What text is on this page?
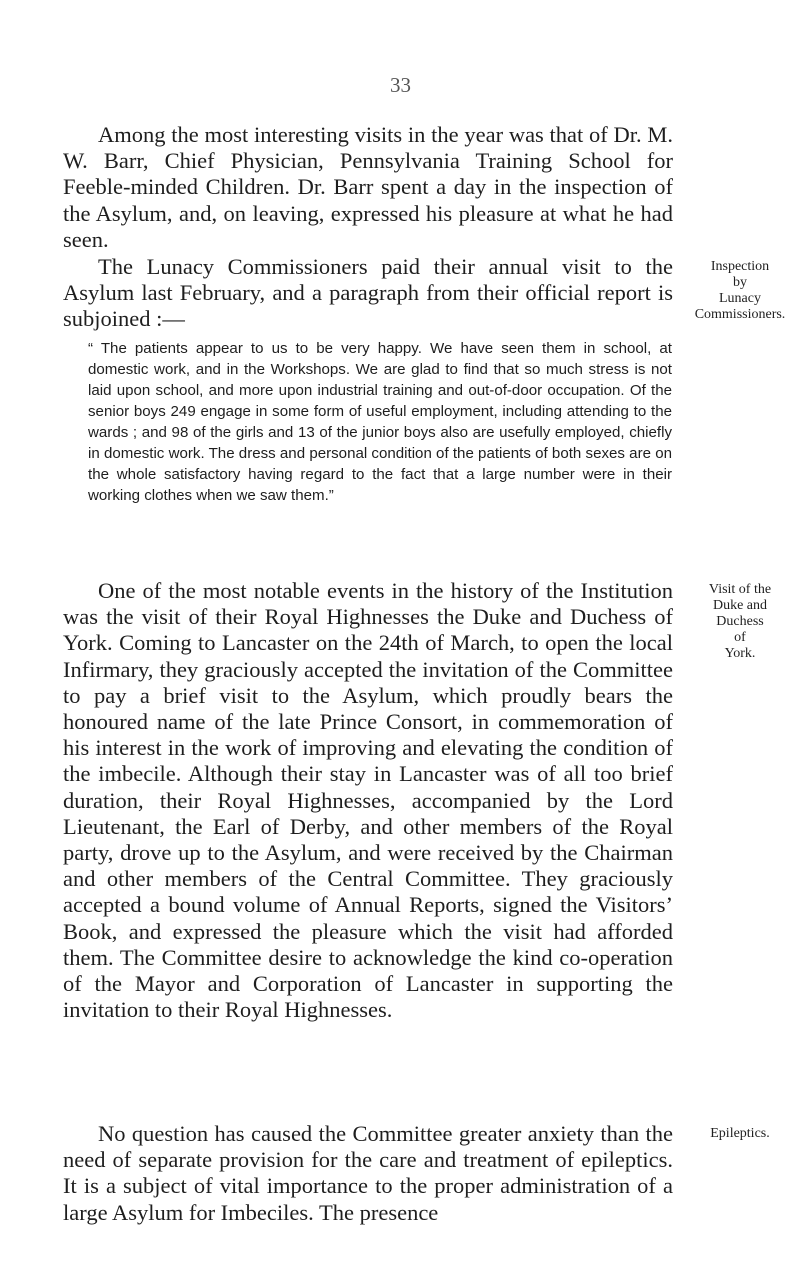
33

Among the most interesting visits in the year was that of Dr. M. W. Barr, Chief Physician, Pennsylvania Training School for Feeble-minded Children. Dr. Barr spent a day in the inspection of the Asylum, and, on leaving, expressed his pleasure at what he had seen.

The Lunacy Commissioners paid their annual visit to the Asylum last February, and a paragraph from their official report is subjoined :—

“ The patients appear to us to be very happy. We have seen them in school, at domestic work, and in the Workshops. We are glad to find that so much stress is not laid upon school, and more upon industrial training and out-of-door occupation. Of the senior boys 249 engage in some form of useful employment, including attending to the wards ; and 98 of the girls and 13 of the junior boys also are usefully employed, chiefly in domestic work. The dress and personal condition of the patients of both sexes are on the whole satisfactory having regard to the fact that a large number were in their working clothes when we saw them.”

One of the most notable events in the history of the Institution was the visit of their Royal Highnesses the Duke and Duchess of York. Coming to Lancaster on the 24th of March, to open the local Infirmary, they graciously accepted the invitation of the Committee to pay a brief visit to the Asylum, which proudly bears the honoured name of the late Prince Consort, in commemoration of his interest in the work of improving and elevating the condition of the imbecile. Although their stay in Lancaster was of all too brief duration, their Royal Highnesses, accompanied by the Lord Lieutenant, the Earl of Derby, and other members of the Royal party, drove up to the Asylum, and were received by the Chairman and other members of the Central Committee. They graciously accepted a bound volume of Annual Reports, signed the Visitors’ Book, and expressed the pleasure which the visit had afforded them. The Committee desire to acknowledge the kind co-operation of the Mayor and Corporation of Lancaster in supporting the invitation to their Royal Highnesses.

No question has caused the Committee greater anxiety than the need of separate provision for the care and treatment of epileptics. It is a subject of vital importance to the proper administration of a large Asylum for Imbeciles. The presence

Inspection
by
Lunacy
Commissioners.
Visit of the
Duke and
Duchess
of
York.
Epileptics.
